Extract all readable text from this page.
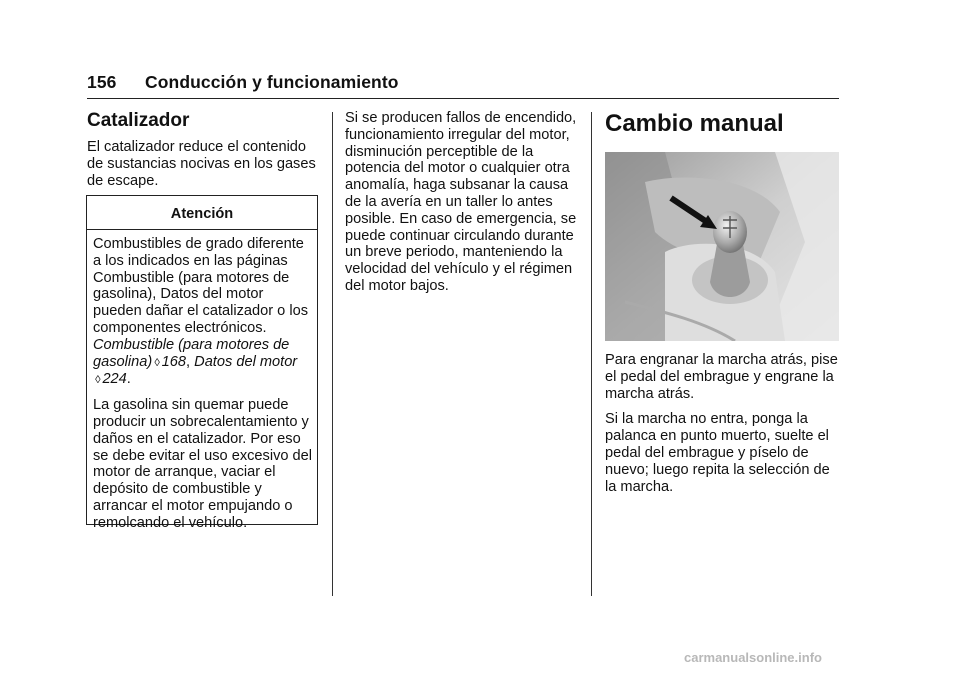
156 Conducción y funcionamiento
Catalizador

El catalizador reduce el contenido de sustancias nocivas en los gases de escape.

Atención

Combustibles de grado diferente a los indicados en las páginas Combustible (para motores de gasolina), Datos del motor pueden dañar el catalizador o los componentes electrónicos. Combustible (para motores de gasolina) ◊ 168, Datos del motor ◊ 224.

La gasolina sin quemar puede producir un sobrecalentamiento y daños en el catalizador. Por eso se debe evitar el uso excesivo del motor de arranque, vaciar el depósito de combustible y arrancar el motor empujando o remolcando el vehículo.

Si se producen fallos de encendido, funcionamiento irregular del motor, disminución perceptible de la potencia del motor o cualquier otra anomalía, haga subsanar la causa de la avería en un taller lo antes posible. En caso de emergencia, se puede continuar circulando durante un breve periodo, manteniendo la velocidad del vehículo y el régimen del motor bajos.

Cambio manual

Para engranar la marcha atrás, pise el pedal del embrague y engrane la marcha atrás.

Si la marcha no entra, ponga la palanca en punto muerto, suelte el pedal del embrague y píselo de nuevo; luego repita la selección de la marcha.

carmanualsonline.info
